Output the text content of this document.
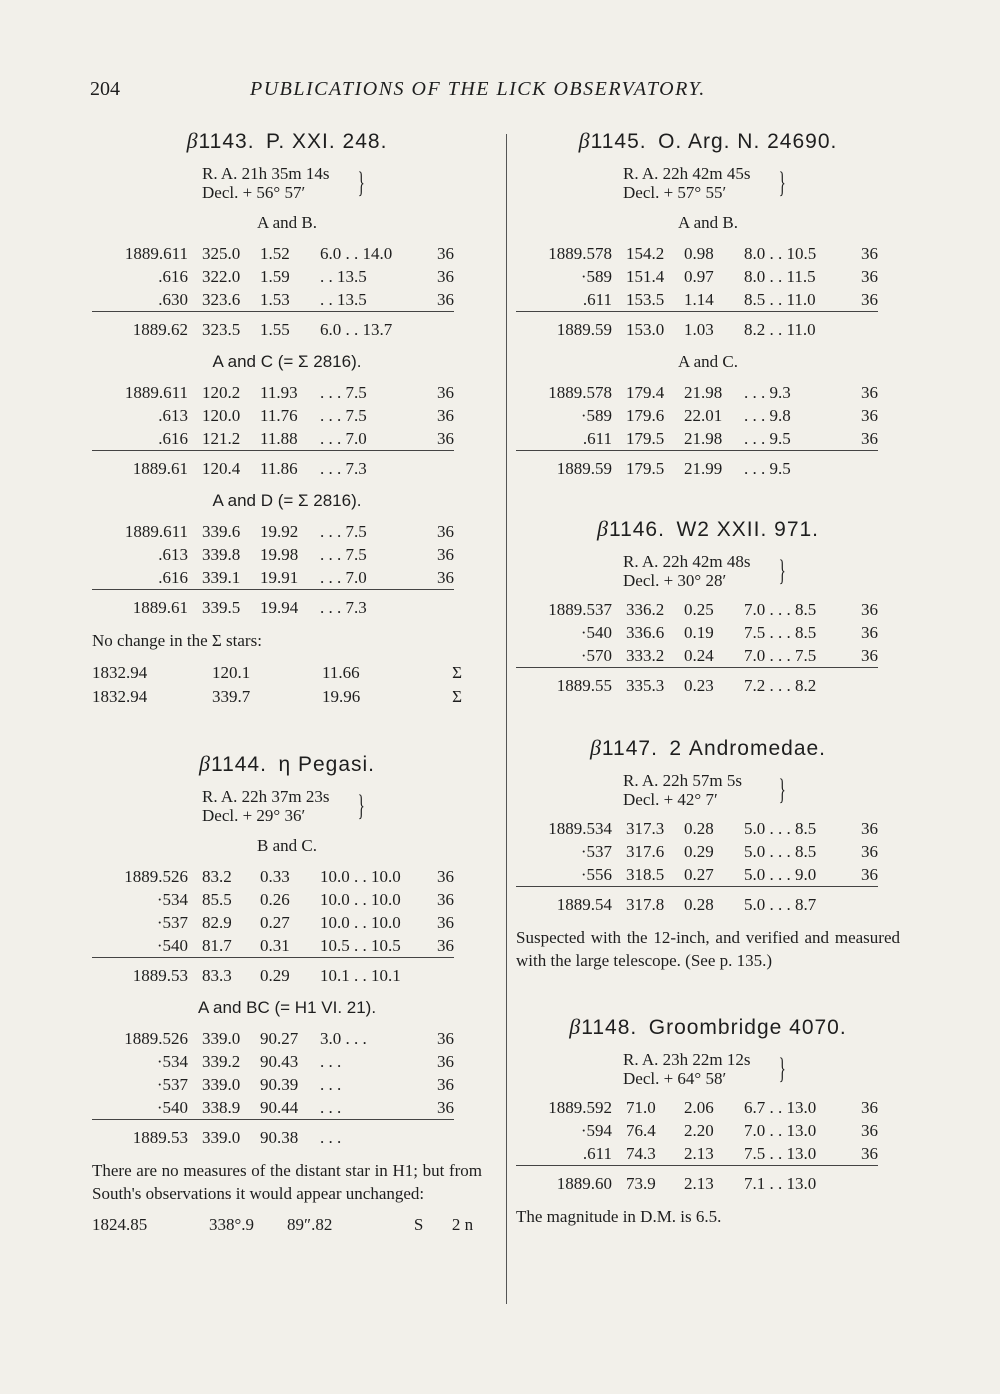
204	PUBLICATIONS OF THE LICK OBSERVATORY.
β1143.  P. XXI. 248.
R. A. 21h 35m 14s
Decl. + 56° 57′	}
A and B.
1889.611	325.0	1.52	6.0 . . 14.0	36
.616	322.0	1.59	. . 13.5	36
.630	323.6	1.53	. . 13.5	36
1889.62	323.5	1.55	6.0 . . 13.7	
A and C (= Σ 2816).
1889.611	120.2	11.93	. . . 7.5	36
.613	120.0	11.76	. . . 7.5	36
.616	121.2	11.88	. . . 7.0	36
1889.61	120.4	11.86	. . . 7.3	
A and D (= Σ 2816).
1889.611	339.6	19.92	. . . 7.5	36
.613	339.8	19.98	. . . 7.5	36
.616	339.1	19.91	. . . 7.0	36
1889.61	339.5	19.94	. . . 7.3	
No change in the Σ stars:
1832.94	120.1	11.66	Σ
1832.94	339.7	19.96	Σ
β1144.  η Pegasi.
R. A. 22h 37m 23s
Decl. + 29° 36′	}
B and C.
1889.526	83.2	0.33	10.0 . . 10.0	36
·534	85.5	0.26	10.0 . . 10.0	36
·537	82.9	0.27	10.0 . . 10.0	36
·540	81.7	0.31	10.5 . . 10.5	36
1889.53	83.3	0.29	10.1 . . 10.1	
A and BC (= H1 VI. 21).
1889.526	339.0	90.27	3.0 . . .	36
·534	339.2	90.43	. . .	36
·537	339.0	90.39	. . .	36
·540	338.9	90.44	. . .	36
1889.53	339.0	90.38	. . .	
There are no measures of the distant star in H1; but from South's observations it would appear unchanged:
1824.85	338°.9	89″.82	S	2 n
β1145.  O. Arg. N. 24690.
R. A. 22h 42m 45s
Decl. + 57° 55′	}
A and B.
1889.578	154.2	0.98	8.0 . . 10.5	36
·589	151.4	0.97	8.0 . . 11.5	36
.611	153.5	1.14	8.5 . . 11.0	36
1889.59	153.0	1.03	8.2 . . 11.0	
A and C.
1889.578	179.4	21.98	. . . 9.3	36
·589	179.6	22.01	. . . 9.8	36
.611	179.5	21.98	. . . 9.5	36
1889.59	179.5	21.99	. . . 9.5	
β1146.  W2 XXII. 971.
R. A. 22h 42m 48s
Decl. + 30° 28′	}
1889.537	336.2	0.25	7.0 . . . 8.5	36
·540	336.6	0.19	7.5 . . . 8.5	36
·570	333.2	0.24	7.0 . . . 7.5	36
1889.55	335.3	0.23	7.2 . . . 8.2	
β1147.  2 Andromedae.
R. A. 22h 57m 5s
Decl. + 42° 7′	}
1889.534	317.3	0.28	5.0 . . . 8.5	36
·537	317.6	0.29	5.0 . . . 8.5	36
·556	318.5	0.27	5.0 . . . 9.0	36
1889.54	317.8	0.28	5.0 . . . 8.7	
Suspected with the 12-inch, and verified and measured with the large telescope. (See p. 135.)
β1148.  Groombridge 4070.
R. A. 23h 22m 12s
Decl. + 64° 58′	}
1889.592	71.0	2.06	6.7 . . 13.0	36
·594	76.4	2.20	7.0 . . 13.0	36
.611	74.3	2.13	7.5 . . 13.0	36
1889.60	73.9	2.13	7.1 . . 13.0	
The magnitude in D.M. is 6.5.
